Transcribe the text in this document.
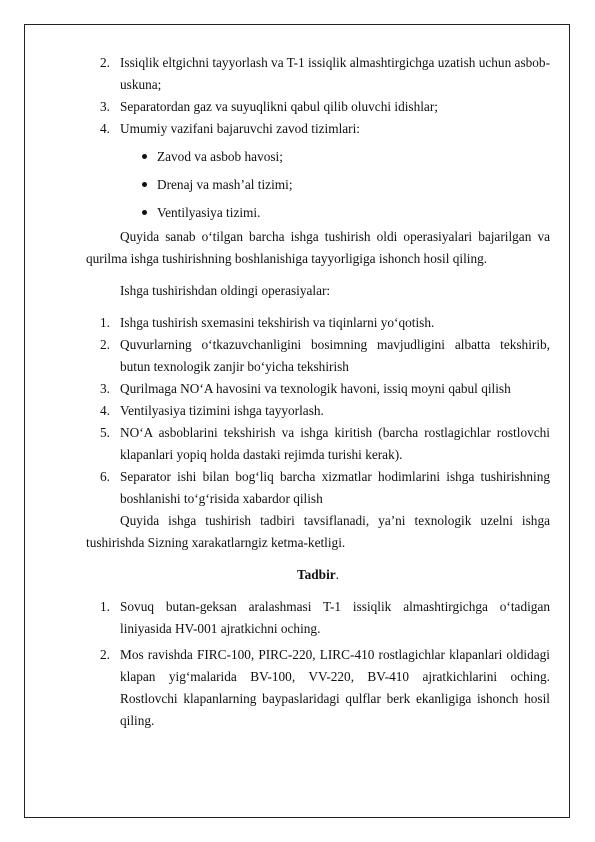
2. Issiqlik eltgichni tayyorlash va T-1 issiqlik almashtirgichga uzatish uchun asbob-uskuna;
3. Separatordan gaz va suyuqlikni qabul qilib oluvchi idishlar;
4. Umumiy vazifani bajaruvchi zavod tizimlari:
Zavod va asbob havosi;
Drenaj va mash’al tizimi;
Ventilyasiya tizimi.

Quyida sanab o‘tilgan barcha ishga tushirish oldi operasiyalari bajarilgan va qurilma ishga tushirishning boshlanishiga tayyorligiga ishonch hosil qiling.

Ishga tushirishdan oldingi operasiyalar:

1. Ishga tushirish sxemasini tekshirish va tiqinlarni yo‘qotish.
2. Quvurlarning o‘tkazuvchanligini bosimning mavjudligini albatta tekshirib, butun texnologik zanjir bo‘yicha tekshirish
3. Qurilmaga NO‘A havosini va texnologik havoni, issiq moyni qabul qilish
4. Ventilyasiya tizimini ishga tayyorlash.
5. NO‘A asboblarini tekshirish va ishga kiritish (barcha rostlagichlar rostlovchi klapanlari yopiq holda dastaki rejimda turishi kerak).
6. Separator ishi bilan bog‘liq barcha xizmatlar hodimlarini ishga tushirishning boshlanishi to‘g‘risida xabardor qilish

Quyida ishga tushirish tadbiri tavsiflanadi, ya’ni texnologik uzelni ishga tushirishda Sizning xarakatlarngiz ketma-ketligi.

Tadbir.

1. Sovuq butan-geksan aralashmasi T-1 issiqlik almashtirgichga o‘tadigan liniyasida HV-001 ajratkichni oching.
2. Mos ravishda FIRC-100, PIRC-220, LIRC-410 rostlagichlar klapanlari oldidagi klapan yig‘malarida BV-100, VV-220, BV-410 ajratkichlarini oching. Rostlovchi klapanlarning baypaslaridagi qulflar berk ekanligiga ishonch hosil qiling.
